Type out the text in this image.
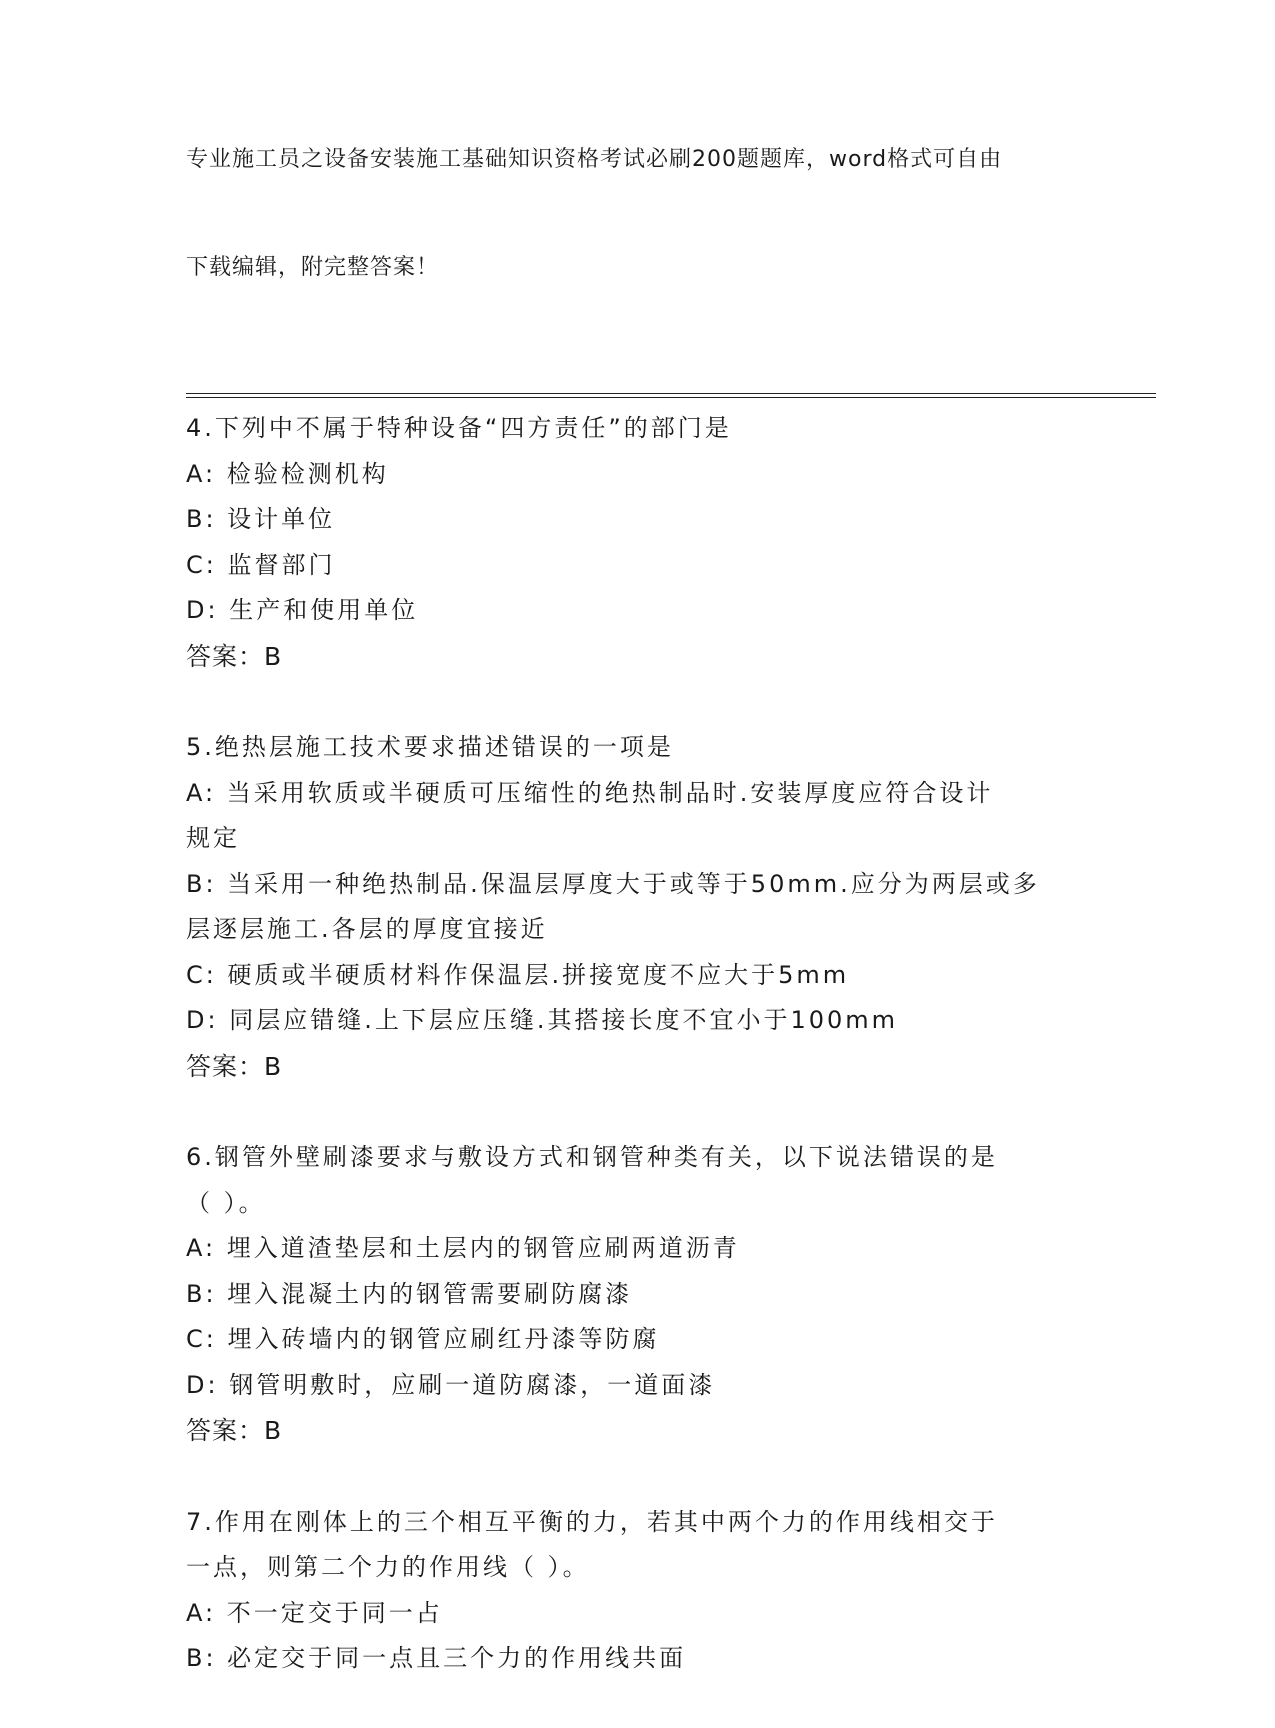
专业施工员之设备安装施工基础知识资格考试必刷200题题库，word格式可自由

下载编辑，附完整答案！

4.下列中不属于特种设备“四方责任”的部门是
A: 检验检测机构
B: 设计单位
C: 监督部门
D: 生产和使用单位
答案：B
5.绝热层施工技术要求描述错误的一项是
A: 当采用软质或半硬质可压缩性的绝热制品时.安装厚度应符合设计
规定
B: 当采用一种绝热制品.保温层厚度大于或等于50mm.应分为两层或多
层逐层施工.各层的厚度宜接近
C: 硬质或半硬质材料作保温层.拼接宽度不应大于5mm
D: 同层应错缝.上下层应压缝.其搭接长度不宜小于100mm
答案：B
6.钢管外壁刷漆要求与敷设方式和钢管种类有关，以下说法错误的是
（ ）。
A: 埋入道渣垫层和土层内的钢管应刷两道沥青
B: 埋入混凝土内的钢管需要刷防腐漆
C: 埋入砖墙内的钢管应刷红丹漆等防腐
D: 钢管明敷时，应刷一道防腐漆，一道面漆
答案：B
7.作用在刚体上的三个相互平衡的力，若其中两个力的作用线相交于
一点，则第二个力的作用线（ ）。
A: 不一定交于同一占
B: 必定交于同一点且三个力的作用线共面
